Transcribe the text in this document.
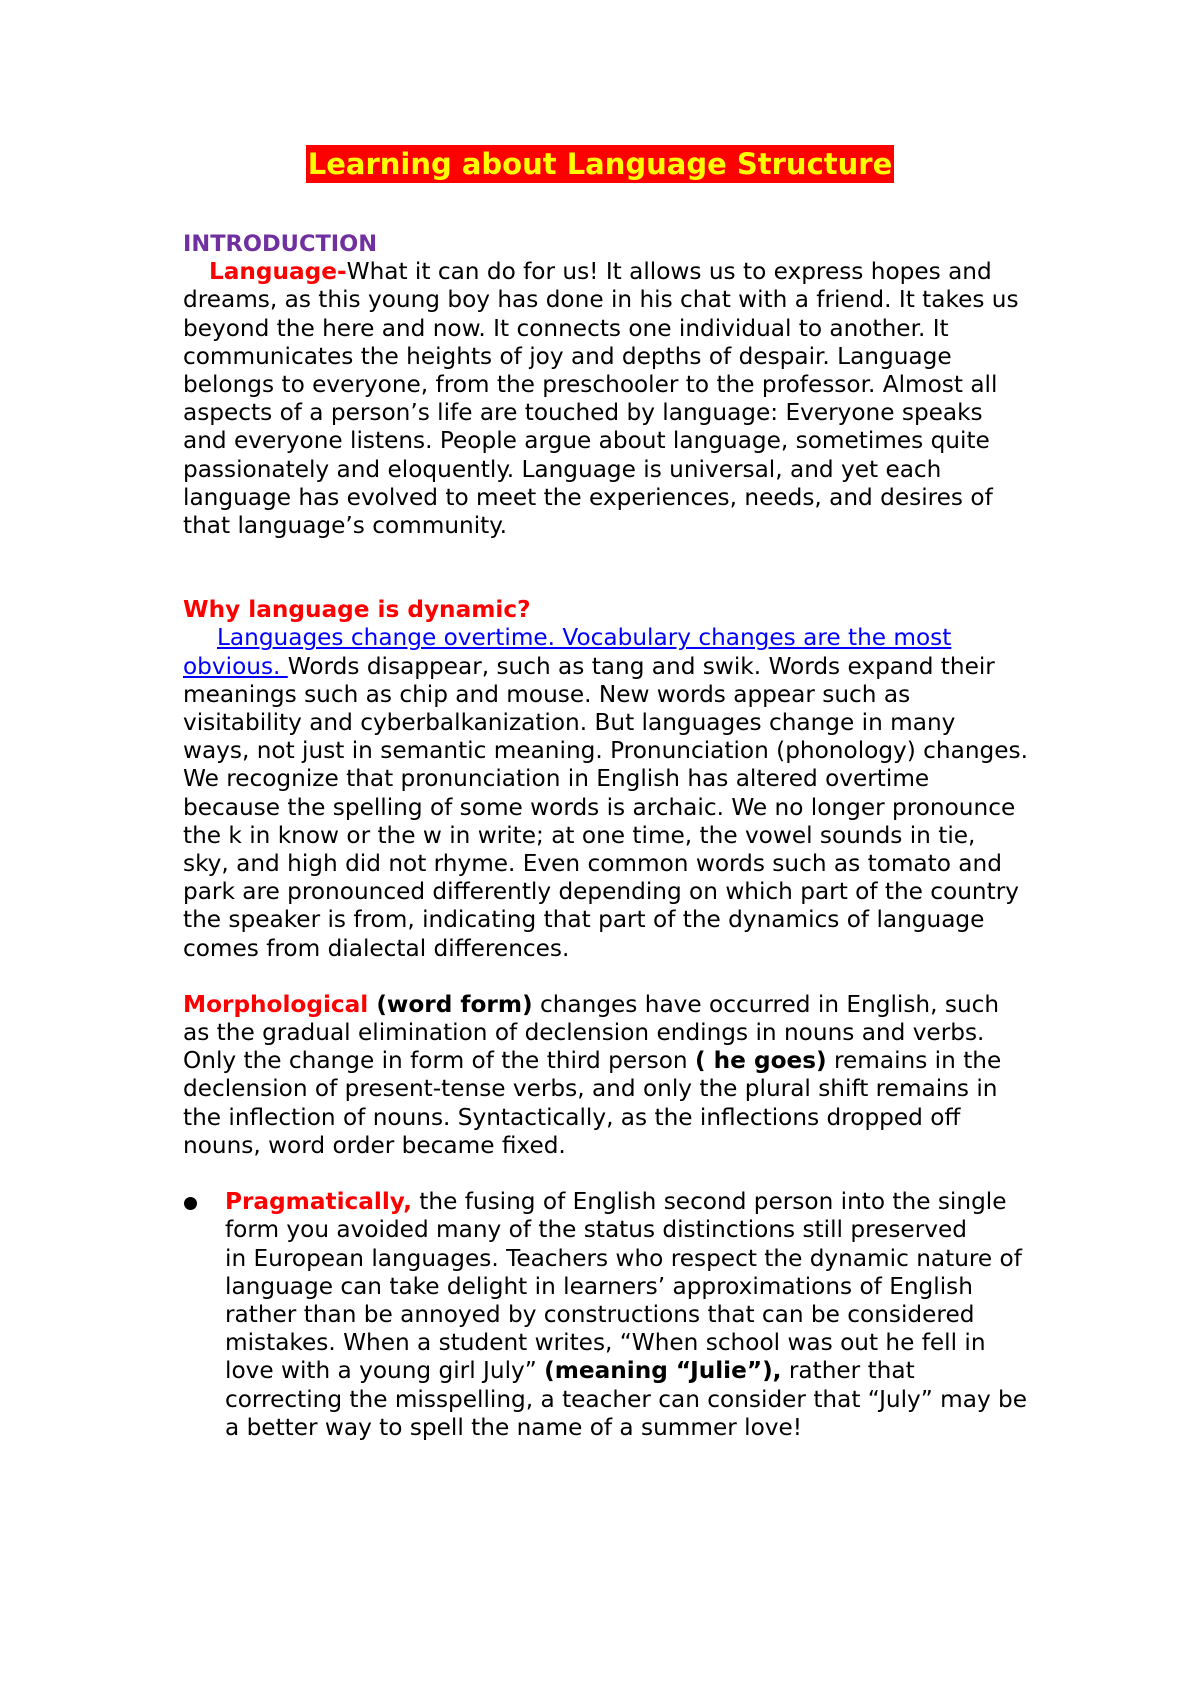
Learning about Language Structure

INTRODUCTION

Language-What it can do for us! It allows us to express hopes and dreams, as this young boy has done in his chat with a friend. It takes us beyond the here and now. It connects one individual to another. It communicates the heights of joy and depths of despair. Language belongs to everyone, from the preschooler to the professor. Almost all aspects of a person’s life are touched by language: Everyone speaks and everyone listens. People argue about language, sometimes quite passionately and eloquently. Language is universal, and yet each language has evolved to meet the experiences, needs, and desires of that language’s community.

Why language is dynamic?

Languages change overtime. Vocabulary changes are the most obvious. Words disappear, such as tang and swik. Words expand their meanings such as chip and mouse. New words appear such as visitability and cyberbalkanization. But languages change in many ways, not just in semantic meaning. Pronunciation (phonology) changes. We recognize that pronunciation in English has altered overtime because the spelling of some words is archaic. We no longer pronounce the k in know or the w in write; at one time, the vowel sounds in tie, sky, and high did not rhyme. Even common words such as tomato and park are pronounced differently depending on which part of the country the speaker is from, indicating that part of the dynamics of language comes from dialectal differences.

Morphological (word form) changes have occurred in English, such as the gradual elimination of declension endings in nouns and verbs. Only the change in form of the third person ( he goes) remains in the declension of present-tense verbs, and only the plural shift remains in the inflection of nouns. Syntactically, as the inflections dropped off nouns, word order became fixed.

Pragmatically, the fusing of English second person into the single form you avoided many of the status distinctions still preservedin European languages. Teachers who respect the dynamic nature of language can take delight in learners’ approximations of English rather than be annoyed by constructions that can be considered mistakes. When a student writes, “When school was out he fell in love with a young girl July” (meaning “Julie”), rather that correcting the misspelling, a teacher can consider that “July” may be a better way to spell the name of a summer love!
